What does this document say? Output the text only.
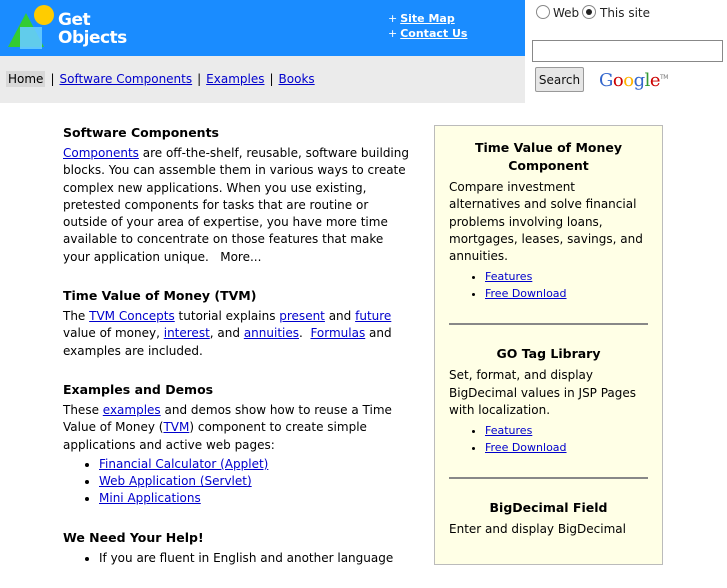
Get
Objects
+ Site Map
+ Contact Us
Web This site
Search Google™
Home | Software Components | Examples | Books
Software Components

Components are off-the-shelf, reusable, software building blocks. You can assemble them in various ways to create complex new applications. When you use existing, pretested components for tasks that are routine or outside of your area of expertise, you have more time available to concentrate on those features that make your application unique. More...

Time Value of Money (TVM)

The TVM Concepts tutorial explains present and future value of money, interest, and annuities.  Formulas and examples are included.

Examples and Demos

These examples and demos show how to reuse a Time Value of Money (TVM) component to create simple applications and active web pages:

• Financial Calculator (Applet)
• Web Application (Servlet)
• Mini Applications
We Need Your Help!
• If you are fluent in English and another language
Time Value of Money Component
Compare investment alternatives and solve financial problems involving loans, mortgages, leases, savings, and annuities.
• Features
• Free Download
GO Tag Library
Set, format, and display BigDecimal values in JSP Pages with localization.
• Features
• Free Download
BigDecimal Field
Enter and display BigDecimal
